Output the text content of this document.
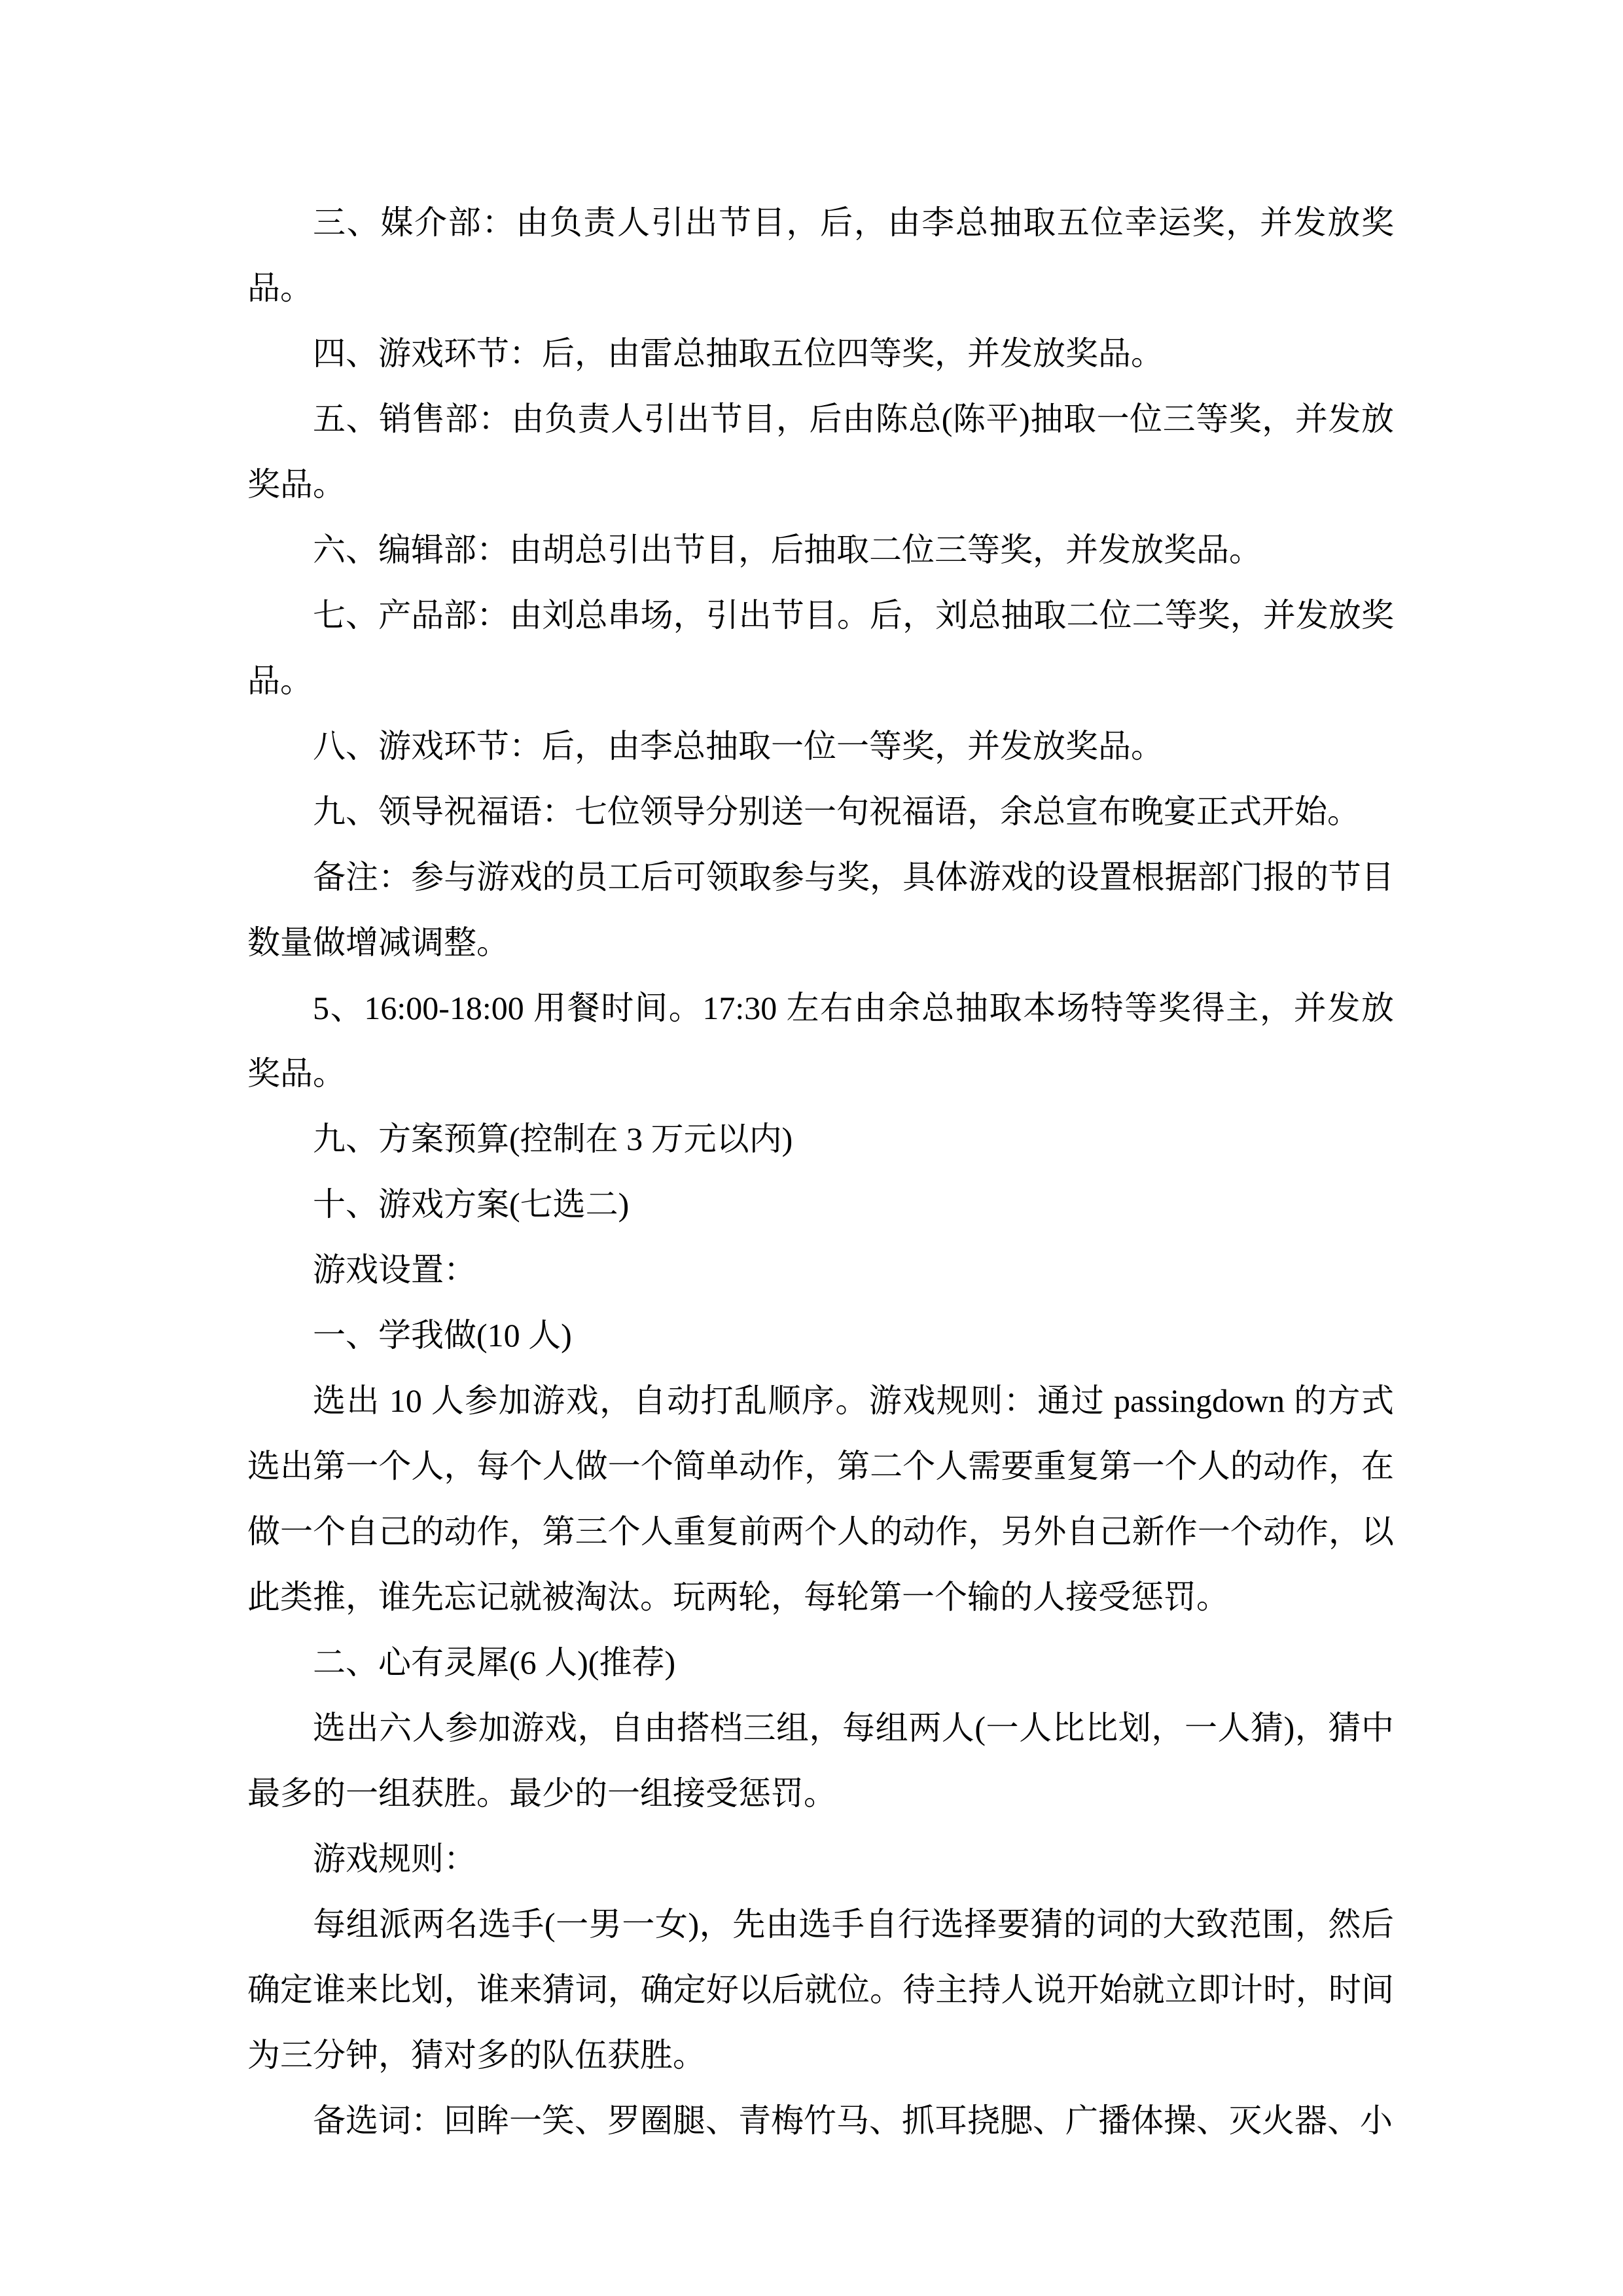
三、媒介部：由负责人引出节目，后，由李总抽取五位幸运奖，并发放奖品。

四、游戏环节：后，由雷总抽取五位四等奖，并发放奖品。

五、销售部：由负责人引出节目，后由陈总(陈平)抽取一位三等奖，并发放奖品。

六、编辑部：由胡总引出节目，后抽取二位三等奖，并发放奖品。

七、产品部：由刘总串场，引出节目。后，刘总抽取二位二等奖，并发放奖品。

八、游戏环节：后，由李总抽取一位一等奖，并发放奖品。

九、领导祝福语：七位领导分别送一句祝福语，余总宣布晚宴正式开始。

备注：参与游戏的员工后可领取参与奖，具体游戏的设置根据部门报的节目数量做增减调整。

5、16:00-18:00 用餐时间。17:30 左右由余总抽取本场特等奖得主，并发放奖品。

九、方案预算(控制在 3 万元以内)

十、游戏方案(七选二)

游戏设置：

一、学我做(10 人)

选出 10 人参加游戏，自动打乱顺序。游戏规则：通过 passingdown 的方式选出第一个人，每个人做一个简单动作，第二个人需要重复第一个人的动作，在做一个自己的动作，第三个人重复前两个人的动作，另外自己新作一个动作，以此类推，谁先忘记就被淘汰。玩两轮，每轮第一个输的人接受惩罚。

二、心有灵犀(6 人)(推荐)

选出六人参加游戏，自由搭档三组，每组两人(一人比比划，一人猜)，猜中最多的一组获胜。最少的一组接受惩罚。

游戏规则：

每组派两名选手(一男一女)，先由选手自行选择要猜的词的大致范围，然后确定谁来比划，谁来猜词，确定好以后就位。待主持人说开始就立即计时，时间为三分钟，猜对多的队伍获胜。

备选词：回眸一笑、罗圈腿、青梅竹马、抓耳挠腮、广播体操、灭火器、小
